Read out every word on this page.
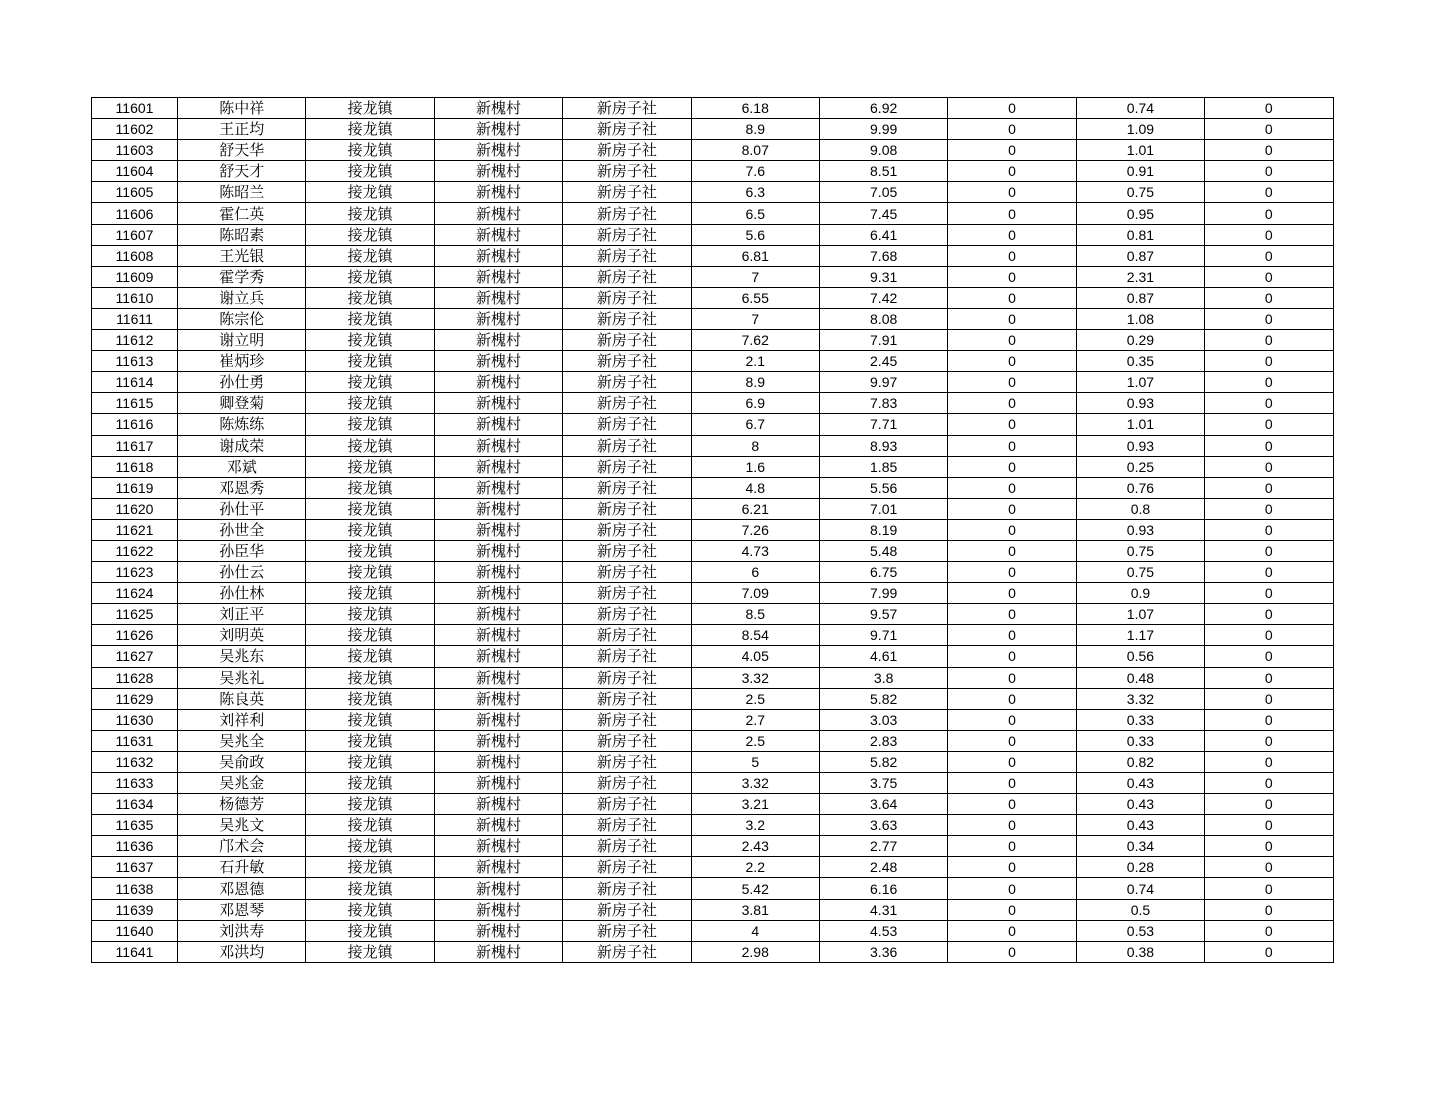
11601	陈中祥	接龙镇	新槐村	新房子社	6.18	6.92	0	0.74	0
11602	王正均	接龙镇	新槐村	新房子社	8.9	9.99	0	1.09	0
11603	舒天华	接龙镇	新槐村	新房子社	8.07	9.08	0	1.01	0
11604	舒天才	接龙镇	新槐村	新房子社	7.6	8.51	0	0.91	0
11605	陈昭兰	接龙镇	新槐村	新房子社	6.3	7.05	0	0.75	0
11606	霍仁英	接龙镇	新槐村	新房子社	6.5	7.45	0	0.95	0
11607	陈昭素	接龙镇	新槐村	新房子社	5.6	6.41	0	0.81	0
11608	王光银	接龙镇	新槐村	新房子社	6.81	7.68	0	0.87	0
11609	霍学秀	接龙镇	新槐村	新房子社	7	9.31	0	2.31	0
11610	谢立兵	接龙镇	新槐村	新房子社	6.55	7.42	0	0.87	0
11611	陈宗伦	接龙镇	新槐村	新房子社	7	8.08	0	1.08	0
11612	谢立明	接龙镇	新槐村	新房子社	7.62	7.91	0	0.29	0
11613	崔炳珍	接龙镇	新槐村	新房子社	2.1	2.45	0	0.35	0
11614	孙仕勇	接龙镇	新槐村	新房子社	8.9	9.97	0	1.07	0
11615	卿登菊	接龙镇	新槐村	新房子社	6.9	7.83	0	0.93	0
11616	陈炼练	接龙镇	新槐村	新房子社	6.7	7.71	0	1.01	0
11617	谢成荣	接龙镇	新槐村	新房子社	8	8.93	0	0.93	0
11618	邓斌	接龙镇	新槐村	新房子社	1.6	1.85	0	0.25	0
11619	邓恩秀	接龙镇	新槐村	新房子社	4.8	5.56	0	0.76	0
11620	孙仕平	接龙镇	新槐村	新房子社	6.21	7.01	0	0.8	0
11621	孙世全	接龙镇	新槐村	新房子社	7.26	8.19	0	0.93	0
11622	孙臣华	接龙镇	新槐村	新房子社	4.73	5.48	0	0.75	0
11623	孙仕云	接龙镇	新槐村	新房子社	6	6.75	0	0.75	0
11624	孙仕林	接龙镇	新槐村	新房子社	7.09	7.99	0	0.9	0
11625	刘正平	接龙镇	新槐村	新房子社	8.5	9.57	0	1.07	0
11626	刘明英	接龙镇	新槐村	新房子社	8.54	9.71	0	1.17	0
11627	吴兆东	接龙镇	新槐村	新房子社	4.05	4.61	0	0.56	0
11628	吴兆礼	接龙镇	新槐村	新房子社	3.32	3.8	0	0.48	0
11629	陈良英	接龙镇	新槐村	新房子社	2.5	5.82	0	3.32	0
11630	刘祥利	接龙镇	新槐村	新房子社	2.7	3.03	0	0.33	0
11631	吴兆全	接龙镇	新槐村	新房子社	2.5	2.83	0	0.33	0
11632	吴俞政	接龙镇	新槐村	新房子社	5	5.82	0	0.82	0
11633	吴兆金	接龙镇	新槐村	新房子社	3.32	3.75	0	0.43	0
11634	杨德芳	接龙镇	新槐村	新房子社	3.21	3.64	0	0.43	0
11635	吴兆文	接龙镇	新槐村	新房子社	3.2	3.63	0	0.43	0
11636	邝术会	接龙镇	新槐村	新房子社	2.43	2.77	0	0.34	0
11637	石升敏	接龙镇	新槐村	新房子社	2.2	2.48	0	0.28	0
11638	邓恩德	接龙镇	新槐村	新房子社	5.42	6.16	0	0.74	0
11639	邓恩琴	接龙镇	新槐村	新房子社	3.81	4.31	0	0.5	0
11640	刘洪寿	接龙镇	新槐村	新房子社	4	4.53	0	0.53	0
11641	邓洪均	接龙镇	新槐村	新房子社	2.98	3.36	0	0.38	0
